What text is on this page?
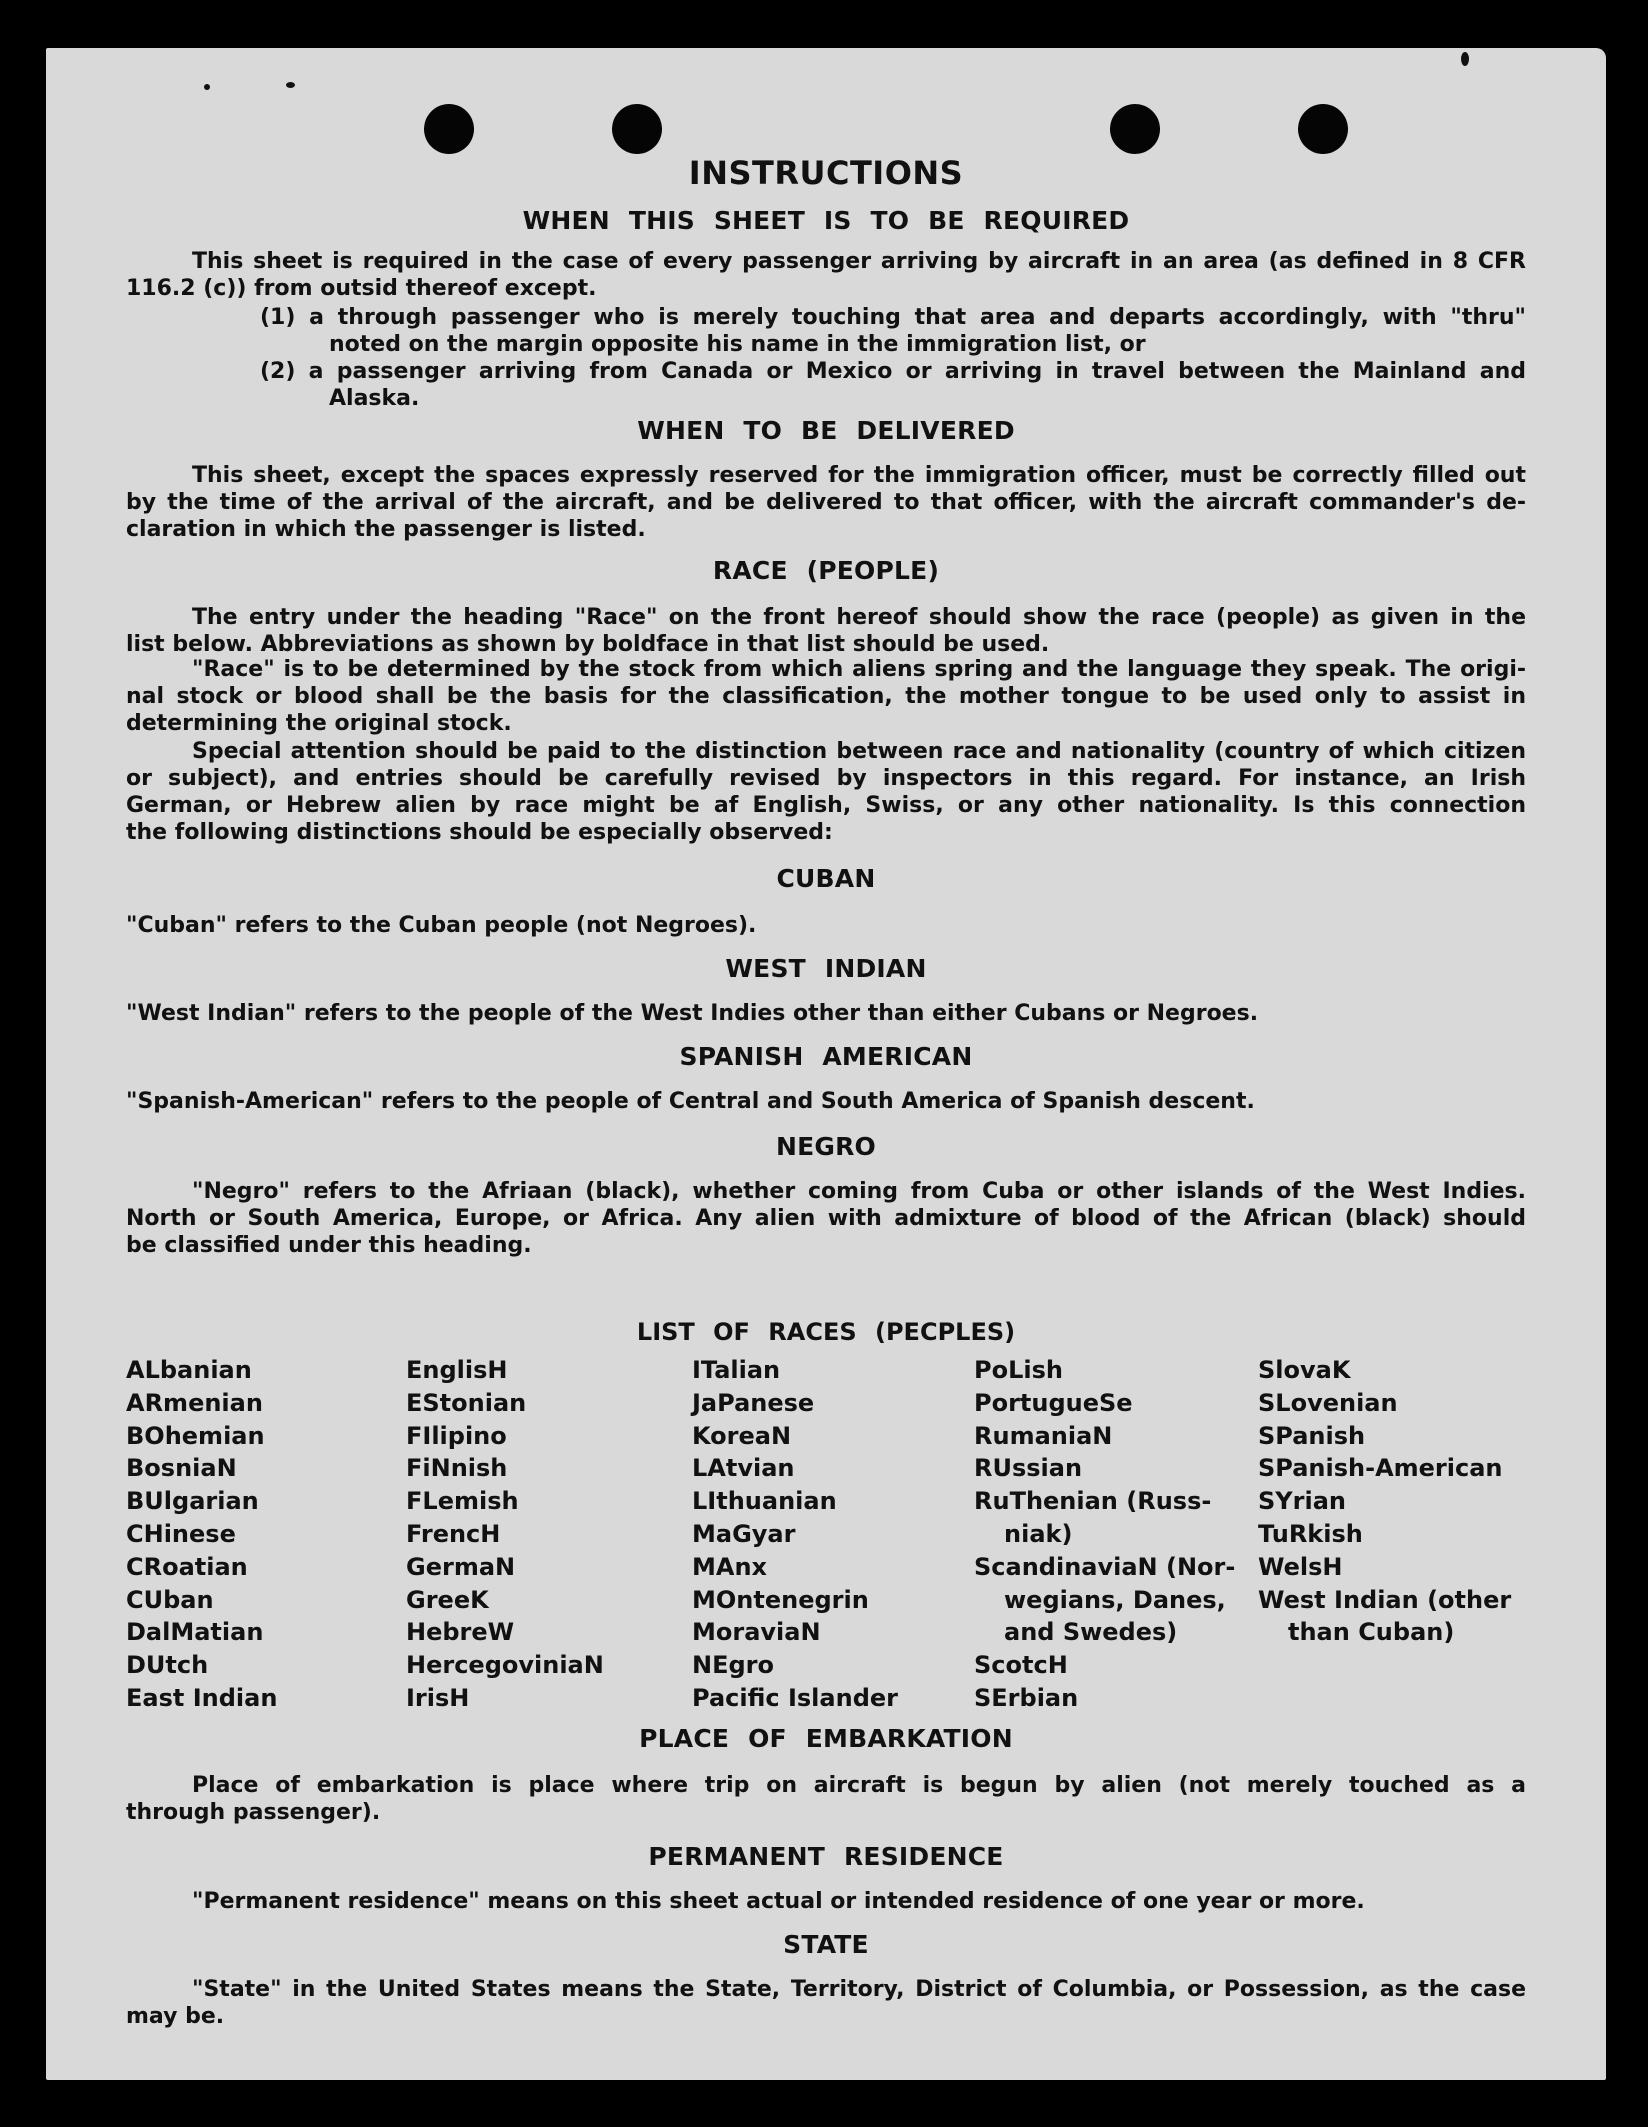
INSTRUCTIONS
WHEN THIS SHEET IS TO BE REQUIRED

This sheet is required in the case of every passenger arriving by aircraft in an area (as defined in 8 CFR

116.2 (c)) from outsid thereof except.

(1) a through passenger who is merely touching that area and departs accordingly, with "thru"

noted on the margin opposite his name in the immigration list, or

(2) a passenger arriving from Canada or Mexico or arriving in travel between the Mainland and

Alaska.

WHEN TO BE DELIVERED

This sheet, except the spaces expressly reserved for the immigration officer, must be correctly filled out

by the time of the arrival of the aircraft, and be delivered to that officer, with the aircraft commander's de-

claration in which the passenger is listed.

RACE (PEOPLE)

The entry under the heading "Race" on the front hereof should show the race (people) as given in the

list below. Abbreviations as shown by boldface in that list should be used.

"Race" is to be determined by the stock from which aliens spring and the language they speak. The origi-

nal stock or blood shall be the basis for the classification, the mother tongue to be used only to assist in

determining the original stock.

Special attention should be paid to the distinction between race and nationality (country of which citizen

or subject), and entries should be carefully revised by inspectors in this regard. For instance, an Irish

German, or Hebrew alien by race might be af English, Swiss, or any other nationality. Is this connection

the following distinctions should be especially observed:

CUBAN

"Cuban" refers to the Cuban people (not Negroes).

WEST INDIAN

"West Indian" refers to the people of the West Indies other than either Cubans or Negroes.

SPANISH AMERICAN

"Spanish-American" refers to the people of Central and South America of Spanish descent.

NEGRO

"Negro" refers to the Afriaan (black), whether coming from Cuba or other islands of the West Indies.

North or South America, Europe, or Africa. Any alien with admixture of blood of the African (black) should

be classified under this heading.

LIST OF RACES (PECPLES)
ALbanian
ARmenian
BOhemian
BosniaN
BUlgarian
CHinese
CRoatian
CUban
DalMatian
DUtch
East Indian
EnglisH
EStonian
FIlipino
FiNnish
FLemish
FrencH
GermaN
GreeK
HebreW
HercegoviniaN
IrisH
ITalian
JaPanese
KoreaN
LAtvian
LIthuanian
MaGyar
MAnx
MOntenegrin
MoraviaN
NEgro
Pacific Islander
PoLish
PortugueSe
RumaniaN
RUssian
RuThenian (Russ-
niak)
ScandinaviaN (Nor-
wegians, Danes,
and Swedes)
ScotcH
SErbian
SlovaK
SLovenian
SPanish
SPanish-American
SYrian
TuRkish
WelsH
West Indian (other
than Cuban)
PLACE OF EMBARKATION

Place of embarkation is place where trip on aircraft is begun by alien (not merely touched as a

through passenger).

PERMANENT RESIDENCE

"Permanent residence" means on this sheet actual or intended residence of one year or more.

STATE

"State" in the United States means the State, Territory, District of Columbia, or Possession, as the case

may be.
